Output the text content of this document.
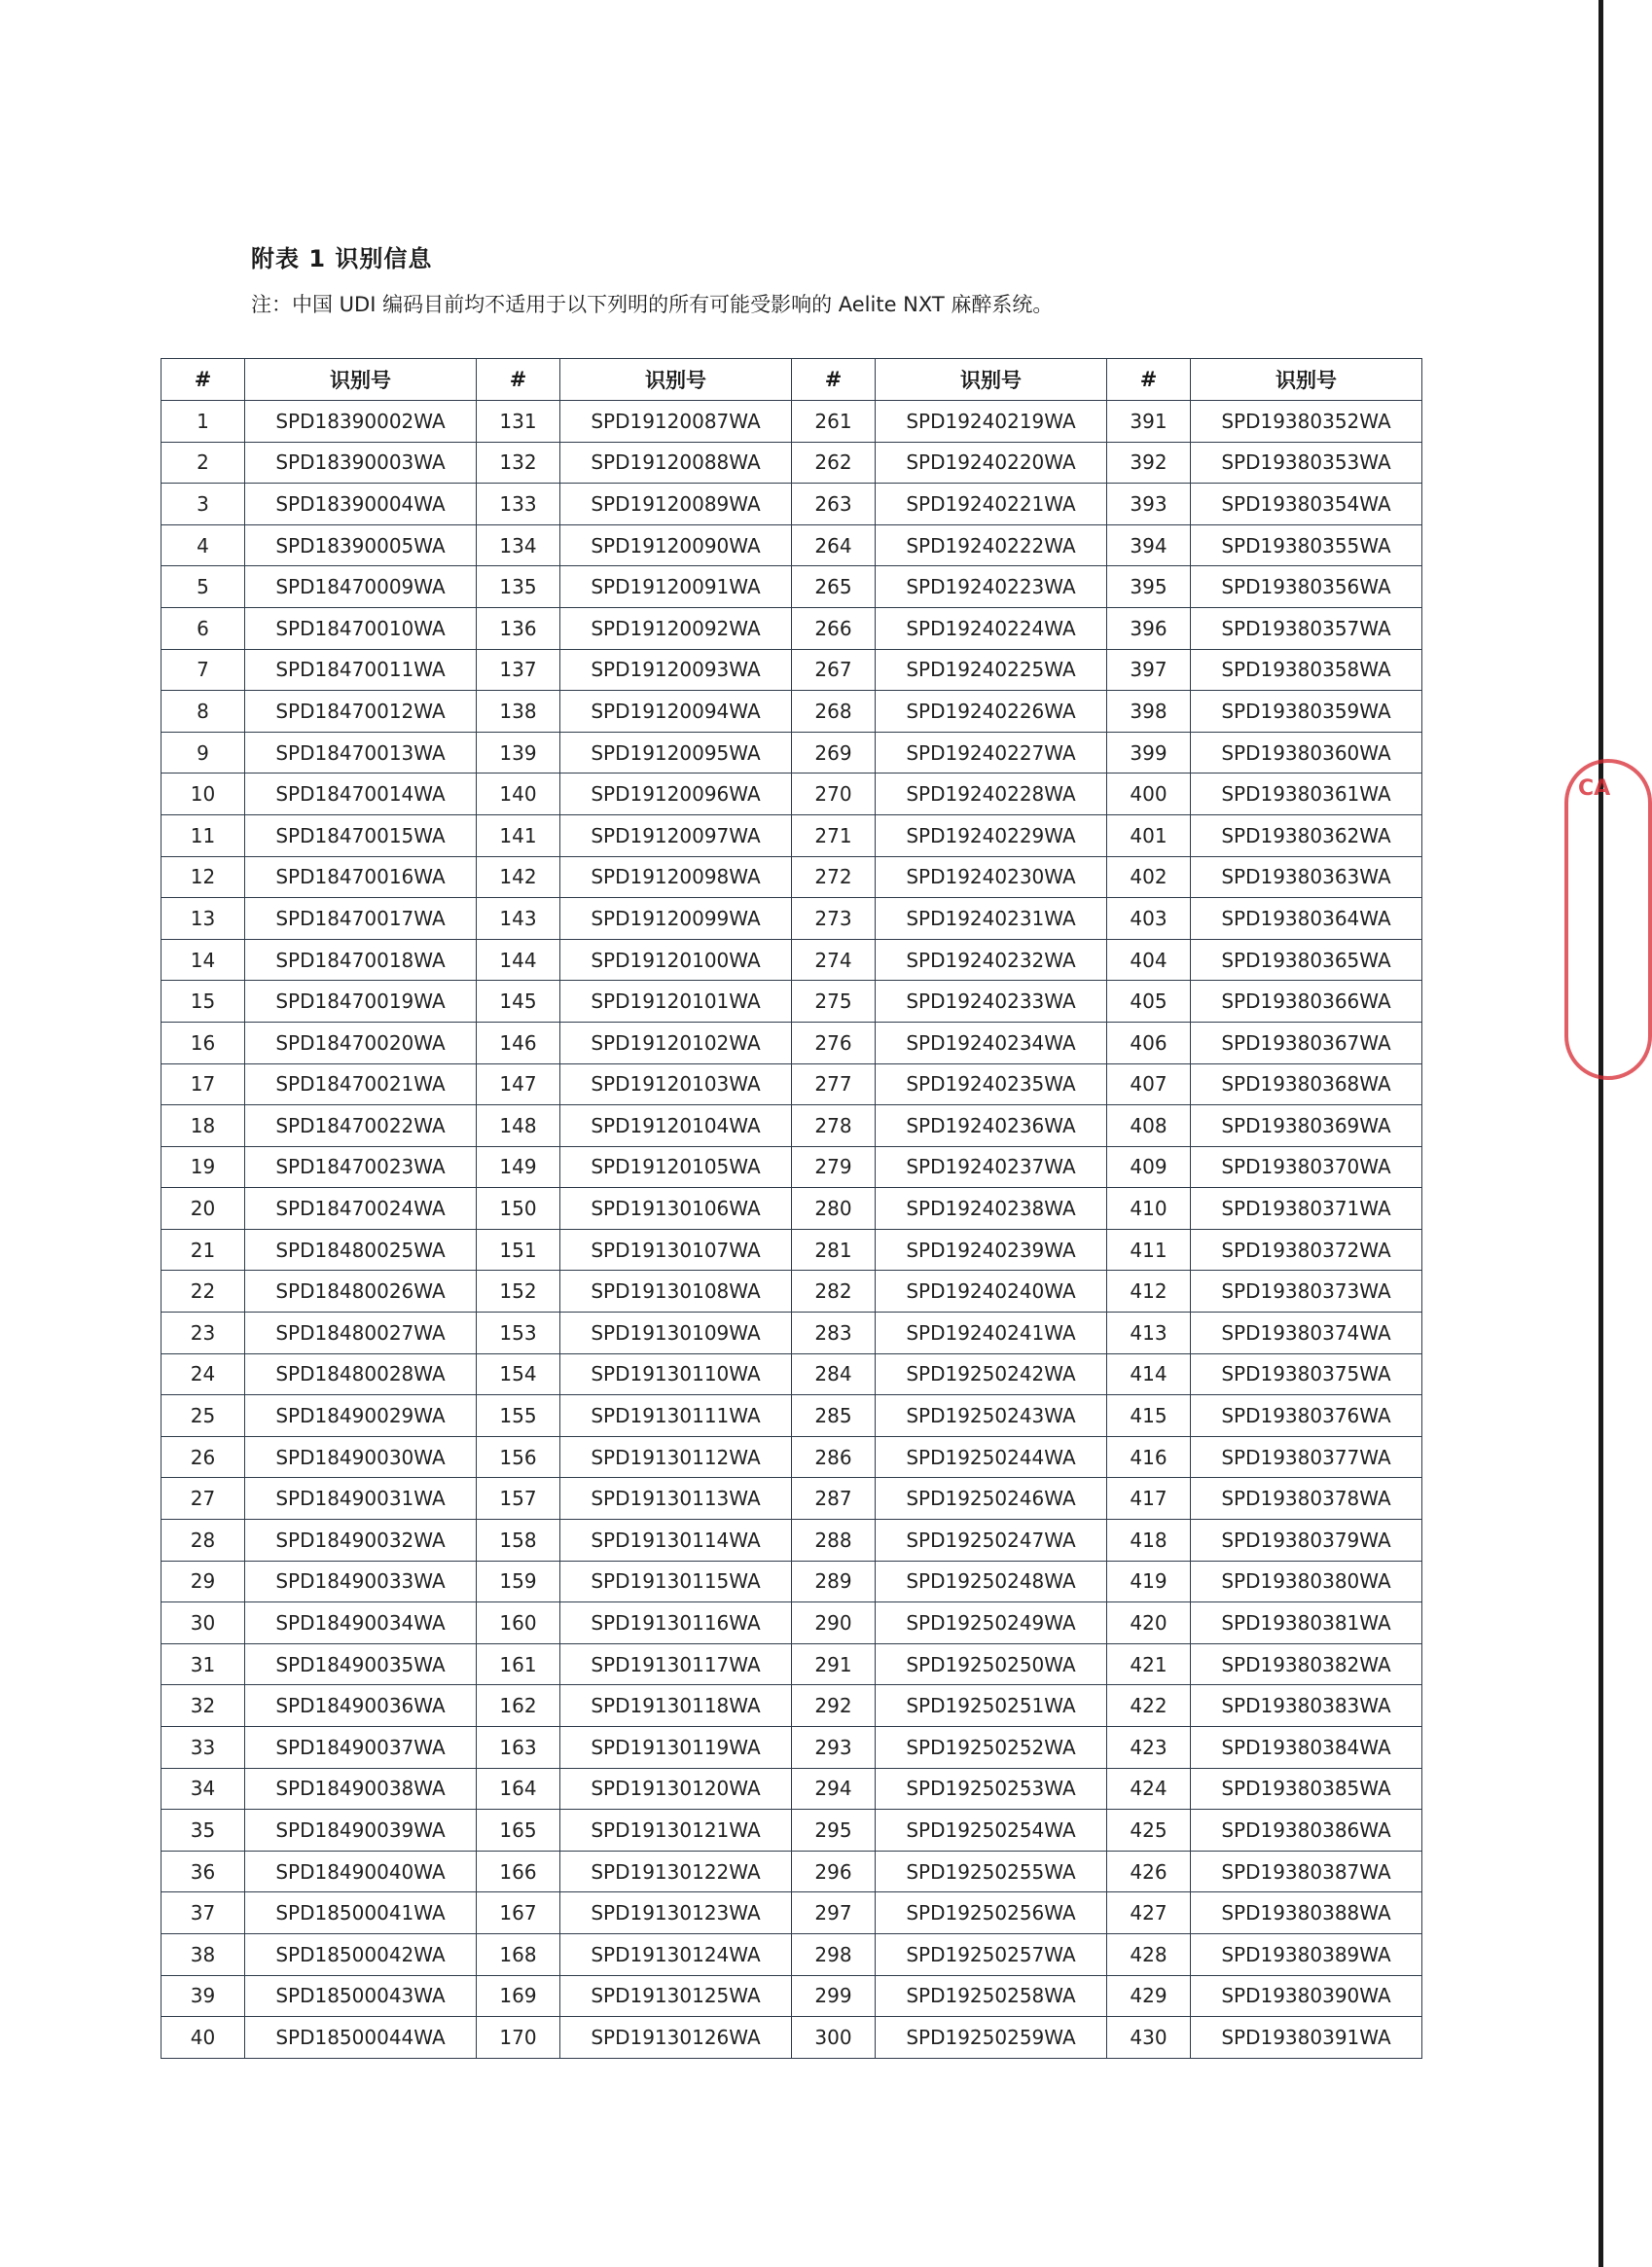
附表 1 识别信息
注：中国 UDI 编码目前均不适用于以下列明的所有可能受影响的 Aelite NXT 麻醉系统。
#	识别号	#	识别号	#	识别号	#	识别号
1	SPD18390002WA	131	SPD19120087WA	261	SPD19240219WA	391	SPD19380352WA
2	SPD18390003WA	132	SPD19120088WA	262	SPD19240220WA	392	SPD19380353WA
3	SPD18390004WA	133	SPD19120089WA	263	SPD19240221WA	393	SPD19380354WA
4	SPD18390005WA	134	SPD19120090WA	264	SPD19240222WA	394	SPD19380355WA
5	SPD18470009WA	135	SPD19120091WA	265	SPD19240223WA	395	SPD19380356WA
6	SPD18470010WA	136	SPD19120092WA	266	SPD19240224WA	396	SPD19380357WA
7	SPD18470011WA	137	SPD19120093WA	267	SPD19240225WA	397	SPD19380358WA
8	SPD18470012WA	138	SPD19120094WA	268	SPD19240226WA	398	SPD19380359WA
9	SPD18470013WA	139	SPD19120095WA	269	SPD19240227WA	399	SPD19380360WA
10	SPD18470014WA	140	SPD19120096WA	270	SPD19240228WA	400	SPD19380361WA
11	SPD18470015WA	141	SPD19120097WA	271	SPD19240229WA	401	SPD19380362WA
12	SPD18470016WA	142	SPD19120098WA	272	SPD19240230WA	402	SPD19380363WA
13	SPD18470017WA	143	SPD19120099WA	273	SPD19240231WA	403	SPD19380364WA
14	SPD18470018WA	144	SPD19120100WA	274	SPD19240232WA	404	SPD19380365WA
15	SPD18470019WA	145	SPD19120101WA	275	SPD19240233WA	405	SPD19380366WA
16	SPD18470020WA	146	SPD19120102WA	276	SPD19240234WA	406	SPD19380367WA
17	SPD18470021WA	147	SPD19120103WA	277	SPD19240235WA	407	SPD19380368WA
18	SPD18470022WA	148	SPD19120104WA	278	SPD19240236WA	408	SPD19380369WA
19	SPD18470023WA	149	SPD19120105WA	279	SPD19240237WA	409	SPD19380370WA
20	SPD18470024WA	150	SPD19130106WA	280	SPD19240238WA	410	SPD19380371WA
21	SPD18480025WA	151	SPD19130107WA	281	SPD19240239WA	411	SPD19380372WA
22	SPD18480026WA	152	SPD19130108WA	282	SPD19240240WA	412	SPD19380373WA
23	SPD18480027WA	153	SPD19130109WA	283	SPD19240241WA	413	SPD19380374WA
24	SPD18480028WA	154	SPD19130110WA	284	SPD19250242WA	414	SPD19380375WA
25	SPD18490029WA	155	SPD19130111WA	285	SPD19250243WA	415	SPD19380376WA
26	SPD18490030WA	156	SPD19130112WA	286	SPD19250244WA	416	SPD19380377WA
27	SPD18490031WA	157	SPD19130113WA	287	SPD19250246WA	417	SPD19380378WA
28	SPD18490032WA	158	SPD19130114WA	288	SPD19250247WA	418	SPD19380379WA
29	SPD18490033WA	159	SPD19130115WA	289	SPD19250248WA	419	SPD19380380WA
30	SPD18490034WA	160	SPD19130116WA	290	SPD19250249WA	420	SPD19380381WA
31	SPD18490035WA	161	SPD19130117WA	291	SPD19250250WA	421	SPD19380382WA
32	SPD18490036WA	162	SPD19130118WA	292	SPD19250251WA	422	SPD19380383WA
33	SPD18490037WA	163	SPD19130119WA	293	SPD19250252WA	423	SPD19380384WA
34	SPD18490038WA	164	SPD19130120WA	294	SPD19250253WA	424	SPD19380385WA
35	SPD18490039WA	165	SPD19130121WA	295	SPD19250254WA	425	SPD19380386WA
36	SPD18490040WA	166	SPD19130122WA	296	SPD19250255WA	426	SPD19380387WA
37	SPD18500041WA	167	SPD19130123WA	297	SPD19250256WA	427	SPD19380388WA
38	SPD18500042WA	168	SPD19130124WA	298	SPD19250257WA	428	SPD19380389WA
39	SPD18500043WA	169	SPD19130125WA	299	SPD19250258WA	429	SPD19380390WA
40	SPD18500044WA	170	SPD19130126WA	300	SPD19250259WA	430	SPD19380391WA
CA
